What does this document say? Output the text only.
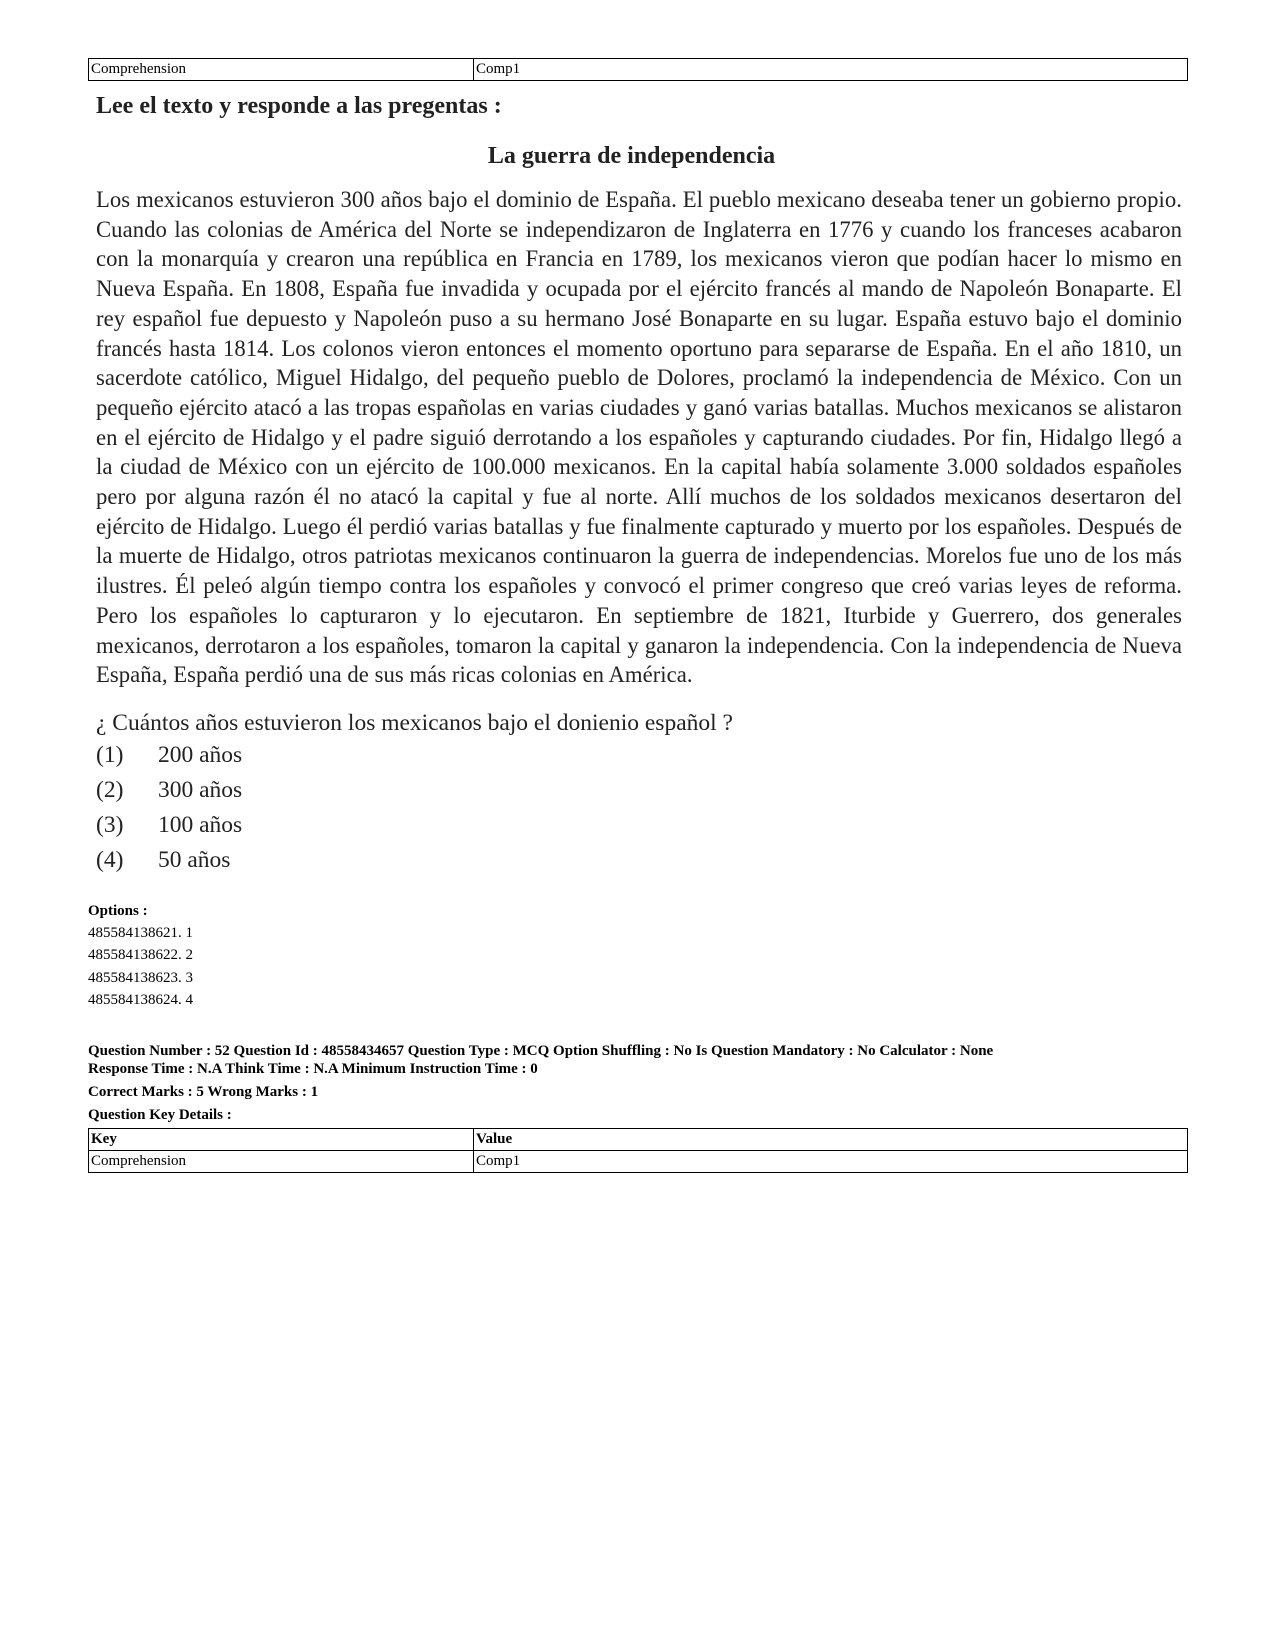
Comprehension	Comp1
Lee el texto y responde a las pregentas :
La guerra de independencia
Los mexicanos estuvieron 300 años bajo el dominio de España. El pueblo mexicano deseaba tener un gobierno propio. Cuando las colonias de América del Norte se independizaron de Inglaterra en 1776 y cuando los franceses acabaron con la monarquía y crearon una república en Francia en 1789, los mexicanos vieron que podían hacer lo mismo en Nueva España. En 1808, España fue invadida y ocupada por el ejército francés al mando de Napoleón Bonaparte. El rey español fue depuesto y Napoleón puso a su hermano José Bonaparte en su lugar. España estuvo bajo el dominio francés hasta 1814. Los colonos vieron entonces el momento oportuno para separarse de España. En el año 1810, un sacerdote católico, Miguel Hidalgo, del pequeño pueblo de Dolores, proclamó la independencia de México. Con un pequeño ejército atacó a las tropas españolas en varias ciudades y ganó varias batallas. Muchos mexicanos se alistaron en el ejército de Hidalgo y el padre siguió derrotando a los españoles y capturando ciudades. Por fin, Hidalgo llegó a la ciudad de México con un ejército de 100.000 mexicanos. En la capital había solamente 3.000 soldados españoles pero por alguna razón él no atacó la capital y fue al norte. Allí muchos de los soldados mexicanos desertaron del ejército de Hidalgo. Luego él perdió varias batallas y fue finalmente capturado y muerto por los españoles. Después de la muerte de Hidalgo, otros patriotas mexicanos continuaron la guerra de independencias. Morelos fue uno de los más ilustres. Él peleó algún tiempo contra los españoles y convocó el primer congreso que creó varias leyes de reforma. Pero los españoles lo capturaron y lo ejecutaron. En septiembre de 1821, Iturbide y Guerrero, dos generales mexicanos, derrotaron a los españoles, tomaron la capital y ganaron la independencia. Con la independencia de Nueva España, España perdió una de sus más ricas colonias en América.
¿ Cuántos años estuvieron los mexicanos bajo el donienio español ?
(1) 200 años
(2) 300 años
(3) 100 años
(4) 50 años
Options :
485584138621. 1
485584138622. 2
485584138623. 3
485584138624. 4
Question Number : 52 Question Id : 48558434657 Question Type : MCQ Option Shuffling : No Is Question Mandatory : No Calculator : None
Response Time : N.A Think Time : N.A Minimum Instruction Time : 0
Correct Marks : 5 Wrong Marks : 1
Question Key Details :
Key	Value
Comprehension	Comp1
